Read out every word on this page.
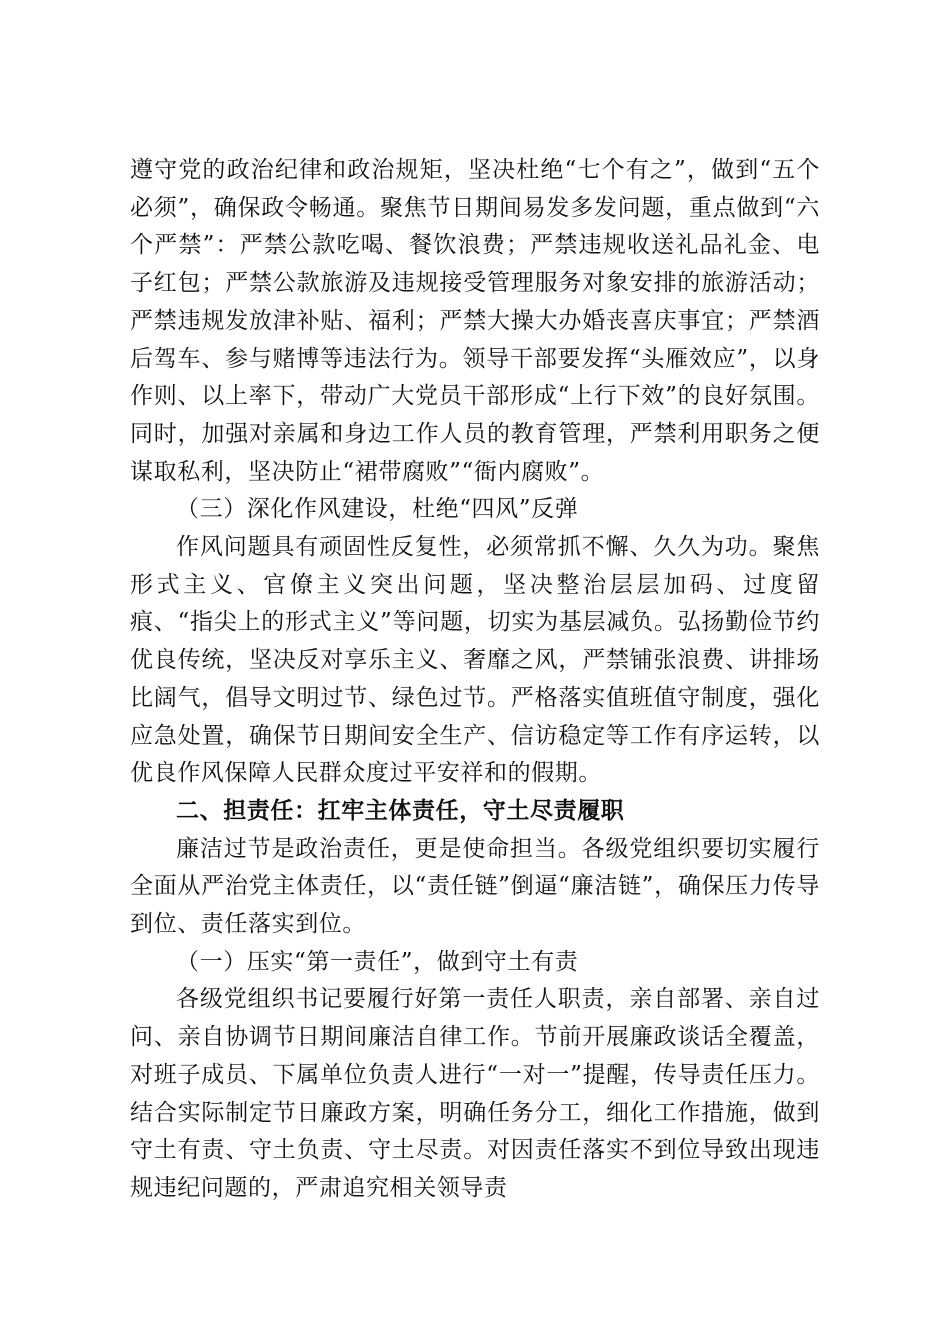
遵守党的政治纪律和政治规矩，坚决杜绝“七个有之”，做到“五个必须”，确保政令畅通。聚焦节日期间易发多发问题，重点做到“六个严禁”：严禁公款吃喝、餐饮浪费；严禁违规收送礼品礼金、电子红包；严禁公款旅游及违规接受管理服务对象安排的旅游活动；严禁违规发放津补贴、福利；严禁大操大办婚丧喜庆事宜；严禁酒后驾车、参与赌博等违法行为。领导干部要发挥“头雁效应”，以身作则、以上率下，带动广大党员干部形成“上行下效”的良好氛围。同时，加强对亲属和身边工作人员的教育管理，严禁利用职务之便谋取私利，坚决防止“裙带腐败”“衙内腐败”。

（三）深化作风建设，杜绝“四风”反弹

作风问题具有顽固性反复性，必须常抓不懈、久久为功。聚焦形式主义、官僚主义突出问题，坚决整治层层加码、过度留痕、“指尖上的形式主义”等问题，切实为基层减负。弘扬勤俭节约优良传统，坚决反对享乐主义、奢靡之风，严禁铺张浪费、讲排场比阔气，倡导文明过节、绿色过节。严格落实值班值守制度，强化应急处置，确保节日期间安全生产、信访稳定等工作有序运转，以优良作风保障人民群众度过平安祥和的假期。

二、担责任：扛牢主体责任，守土尽责履职

廉洁过节是政治责任，更是使命担当。各级党组织要切实履行全面从严治党主体责任，以“责任链”倒逼“廉洁链”，确保压力传导到位、责任落实到位。

（一）压实“第一责任”，做到守土有责

各级党组织书记要履行好第一责任人职责，亲自部署、亲自过问、亲自协调节日期间廉洁自律工作。节前开展廉政谈话全覆盖，对班子成员、下属单位负责人进行“一对一”提醒，传导责任压力。结合实际制定节日廉政方案，明确任务分工，细化工作措施，做到守土有责、守土负责、守土尽责。对因责任落实不到位导致出现违规违纪问题的，严肃追究相关领导责
